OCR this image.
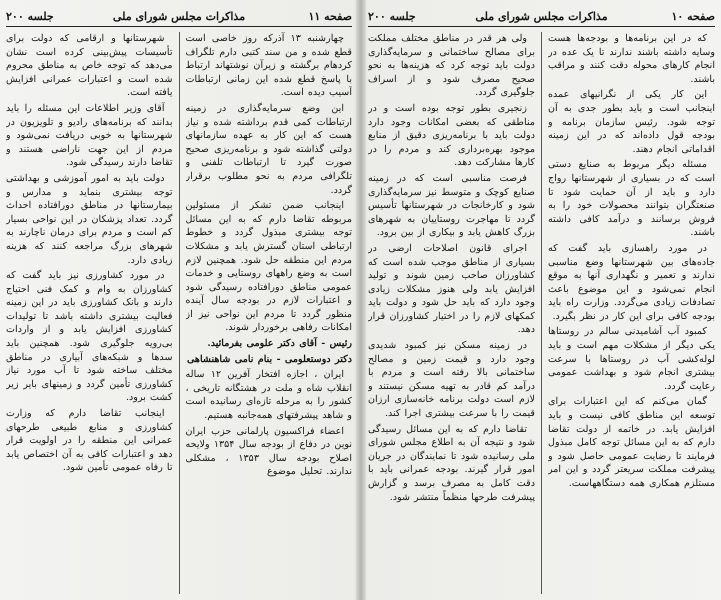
صفحه ۱۱
مذاکرات مجلس شورای ملی
جلسه ۲۰۰

چهارشنبه ۱۳ آذرکه روز خاصی است قطع شده و من سند کتبی دارم تلگراف کردهام برگشته و زیرآن نوشتهاند ارتباط با پاسخ قطع شده این زمانی ارتباطات آسیب دیده است.

این وضع سرمایه‌گذاری در زمینه ارتباطات کمی قدم برداشته شده و نیاز هست که این کار به عهده سازمانهای دولتی گذاشته شود و برنامه‌ریزی صحیح صورت گیرد تا ارتباطات تلفنی و تلگرافی مردم به نحو مطلوب برقرار گردد.

اینجانب ضمن تشکر از مسئولین مربوطه تقاضا دارم که به این مسائل توجه بیشتری مبذول گردد و خطوط ارتباطی استان گسترش یابد و مشکلات مردم این منطقه حل شود. همچنین لازم است به وضع راههای روستایی و خدمات عمومی مناطق دورافتاده رسیدگی شود و اعتبارات لازم در بودجه سال آینده منظور گردد تا مردم این نواحی نیز از امکانات رفاهی برخوردار شوند.

رئیس - آقای دکتر علومی بفرمائید.

دکتر دوستعلومی - بنام نامی شاهنشاهی

ایران ، اجازه افتخار آفرین ۱۲ ساله انقلاب شاه و ملت در هشتگانه تاریخی ، کشور را به مرحله تازه‌ای رسانیده است و شاهد پیشرفتهای همه‌جانبه هستیم.

اعضاء فراکسیون پارلمانی حزب ایران نوین در دفاع از بودجه سال ۱۳۵۴ ولایحه اصلاح بودجه سال ۱۳۵۳ ، مشکلی ندارند. تحلیل موضوع

شهرستانها و ارقامی که دولت برای تأسیسات پیش‌بینی کرده است نشان می‌دهد که توجه خاص به مناطق محروم شده است و اعتبارات عمرانی افزایش یافته است.

آقای وزیر اطلاعات این مسئله را باید بدانند که برنامه‌های رادیو و تلویزیون در شهرستانها به خوبی دریافت نمی‌شود و مردم از این جهت ناراضی هستند و تقاضا دارند رسیدگی شود.

دولت باید به امور آموزشی و بهداشتی توجه بیشتری بنماید و مدارس و بیمارستانها در مناطق دورافتاده احداث گردد. تعداد پزشکان در این نواحی بسیار کم است و مردم برای درمان ناچارند به شهرهای بزرگ مراجعه کنند که هزینه زیادی دارد.

در مورد کشاورزی نیز باید گفت که کشاورزان به وام و کمک فنی احتیاج دارند و بانک کشاورزی باید در این زمینه فعالیت بیشتری داشته باشد تا تولیدات کشاورزی افزایش یابد و از واردات بی‌رویه جلوگیری شود. همچنین باید سدها و شبکه‌های آبیاری در مناطق مختلف ساخته شود تا آب مورد نیاز کشاورزی تأمین گردد و زمینهای بایر زیر کشت برود.

اینجانب تقاضا دارم که وزارت کشاورزی و منابع طبیعی طرحهای عمرانی این منطقه را در اولویت قرار دهد و اعتبارات کافی به آن اختصاص یابد تا رفاه عمومی تأمین شود.

صفحه ۱۰
مذاکرات مجلس شورای ملی
جلسه ۲۰۰

که در این برنامه‌ها و بودجه‌ها هست وسایه داشته باشند ندارند تا یک عده در انجام کارهای محوله دقت کنند و مراقب باشند.

این کار یکی از نگرانیهای عمده اینجانب است و باید بطور جدی به آن توجه شود. رئیس سازمان برنامه و بودجه قول داده‌اند که در این زمینه اقداماتی انجام دهند.

مسئله دیگر مربوط به صنایع دستی است که در بسیاری از شهرستانها رواج دارد و باید از آن حمایت شود تا صنعتگران بتوانند محصولات خود را به فروش برسانند و درآمد کافی داشته باشند.

در مورد راهسازی باید گفت که جاده‌های بین شهرستانها وضع مناسبی ندارند و تعمیر و نگهداری آنها به موقع انجام نمی‌شود و این موضوع باعث تصادفات زیادی می‌گردد. وزارت راه باید بودجه کافی برای این کار در نظر بگیرد.

کمبود آب آشامیدنی سالم در روستاها یکی دیگر از مشکلات مهم است و باید لوله‌کشی آب در روستاها با سرعت بیشتری انجام شود و بهداشت عمومی رعایت گردد.

گمان می‌کنم که این اعتبارات برای توسعه این مناطق کافی نیست و باید افزایش یابد. در خاتمه از دولت تقاضا دارم که به این مسائل توجه کامل مبذول فرمایند تا رضایت عمومی حاصل شود و پیشرفت مملکت سریعتر گردد و این امر مستلزم همکاری همه دستگاههاست.

ولی هر قدر در مناطق مختلف مملکت برای مصالح ساختمانی و سرمایه‌گذاری دولت باید توجه کرد که هزینه‌ها به نحو صحیح مصرف شود و از اسراف جلوگیری گردد.

زنجیری بطور توجه بوده است و در مناطقی که بعضی امکانات وجود دارد دولت باید با برنامه‌ریزی دقیق از منابع موجود بهره‌برداری کند و مردم را در کارها مشارکت دهد.

فرصت مناسبی است که در زمینه صنایع کوچک و متوسط نیز سرمایه‌گذاری شود و کارخانجات در شهرستانها تأسیس گردد تا مهاجرت روستاییان به شهرهای بزرگ کاهش یابد و بیکاری از بین برود.

اجرای قانون اصلاحات ارضی در بسیاری از مناطق موجب شده است که کشاورزان صاحب زمین شوند و تولید افزایش یابد ولی هنوز مشکلات زیادی وجود دارد که باید حل شود و دولت باید کمکهای لازم را در اختیار کشاورزان قرار دهد.

در زمینه مسکن نیز کمبود شدیدی وجود دارد و قیمت زمین و مصالح ساختمانی بالا رفته است و مردم با درآمد کم قادر به تهیه مسکن نیستند و لازم است دولت برنامه خانه‌سازی ارزان قیمت را با سرعت بیشتری اجرا کند.

تقاضا دارم که به این مسائل رسیدگی شود و نتیجه آن به اطلاع مجلس شورای ملی رسانیده شود تا نمایندگان در جریان امور قرار گیرند. بودجه عمرانی باید با دقت کامل به مصرف برسد و گزارش پیشرفت طرحها منظماً منتشر شود.
